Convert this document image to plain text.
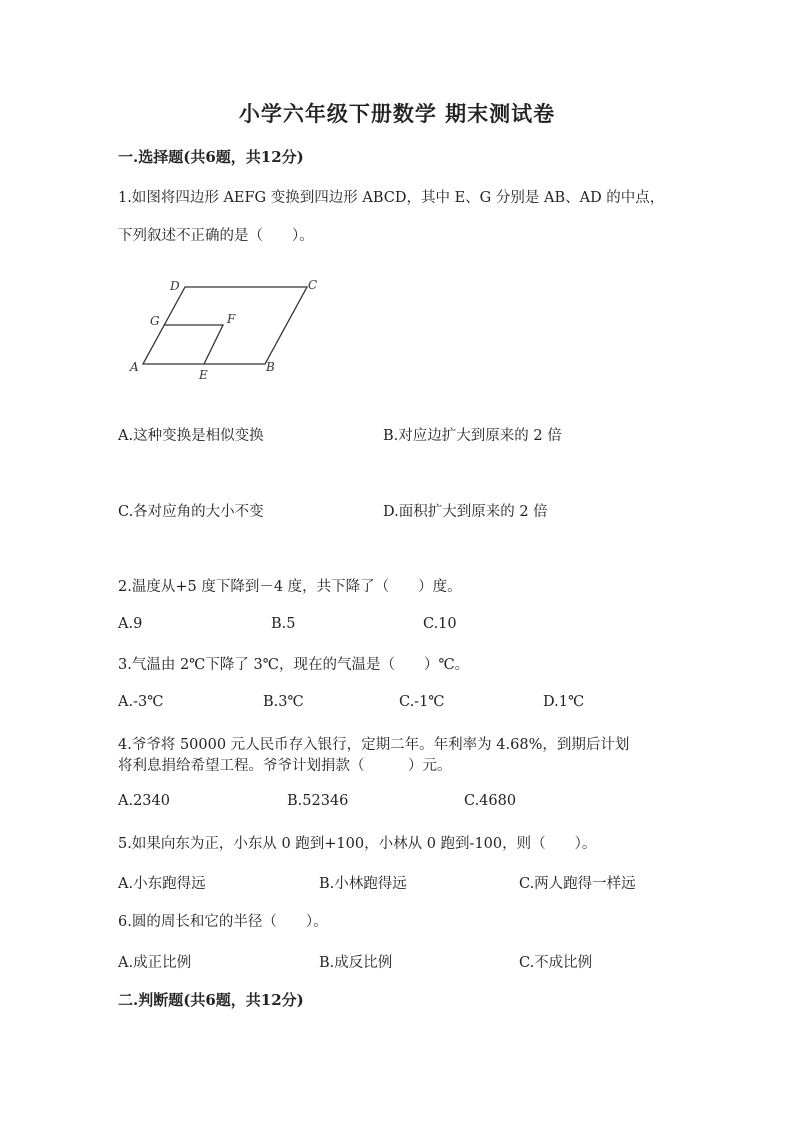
小学六年级下册数学 期末测试卷
一.选择题(共6题，共12分)
1.如图将四边形 AEFG 变换到四边形 ABCD，其中 E、G 分别是 AB、AD 的中点，
下列叙述不正确的是（　　）。
D	C
G	F
A
E
B
A.这种变换是相似变换	B.对应边扩大到原来的 2 倍
C.各对应角的大小不变	D.面积扩大到原来的 2 倍
2.温度从+5 度下降到－4 度，共下降了（　　）度。
A.9	B.5	C.10
3.气温由 2℃下降了 3℃，现在的气温是（　　）℃。
A.-3℃	B.3℃	C.-1℃	D.1℃
4.爷爷将 50000 元人民币存入银行，定期二年。年利率为 4.68%，到期后计划
将利息捐给希望工程。爷爷计划捐款（　　　）元。
A.2340	B.52346	C.4680
5.如果向东为正，小东从 0 跑到+100，小林从 0 跑到-100，则（　　）。
A.小东跑得远	B.小林跑得远	C.两人跑得一样远
6.圆的周长和它的半径（　　）。
A.成正比例	B.成反比例	C.不成比例
二.判断题(共6题，共12分)
